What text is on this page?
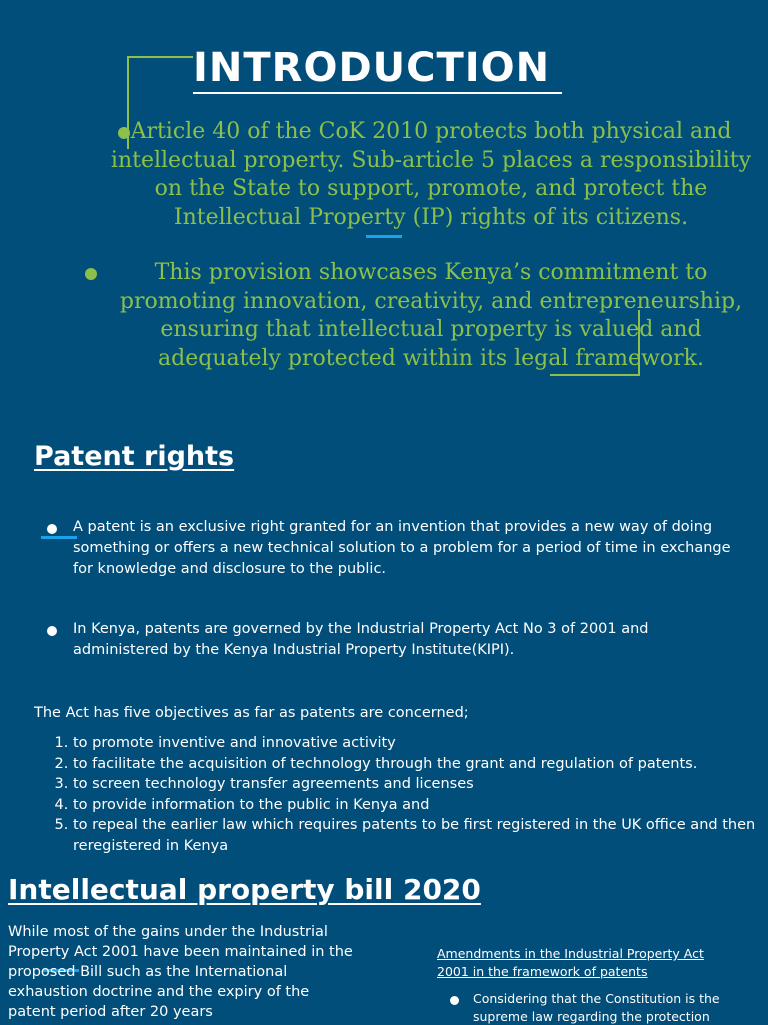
INTRODUCTION
Article 40 of the CoK 2010 protects both physical and intellectual property. Sub-article 5 places a responsibility on the State to support, promote, and protect the Intellectual Property (IP) rights of its citizens.
This provision showcases Kenya’s commitment to promoting innovation, creativity, and entrepreneurship, ensuring that intellectual property is valued and adequately protected within its legal framework.
Patent rights
A patent is an exclusive right granted for an invention that provides a new way of doing something or offers a new technical solution to a problem for a period of time in exchange for knowledge and disclosure to the public.
In Kenya, patents are governed by the Industrial Property Act No 3 of 2001 and administered by the Kenya Industrial Property Institute(KIPI).
The Act has five objectives as far as patents are concerned;
1. to promote inventive and innovative activity
2. to facilitate the acquisition of technology through the grant and regulation of patents.
3. to screen technology transfer agreements and licenses
4. to provide information to the public in Kenya and
5. to repeal the earlier law which requires patents to be first registered in the UK office and then reregistered in Kenya
Intellectual property bill 2020
While most of the gains under the Industrial Property Act 2001 have been maintained in the proposed Bill such as the International exhaustion doctrine and the expiry of the patent period after 20 years
Amendments in the Industrial Property Act 2001 in the framework of patents
Considering that the Constitution is the supreme law regarding the protection
